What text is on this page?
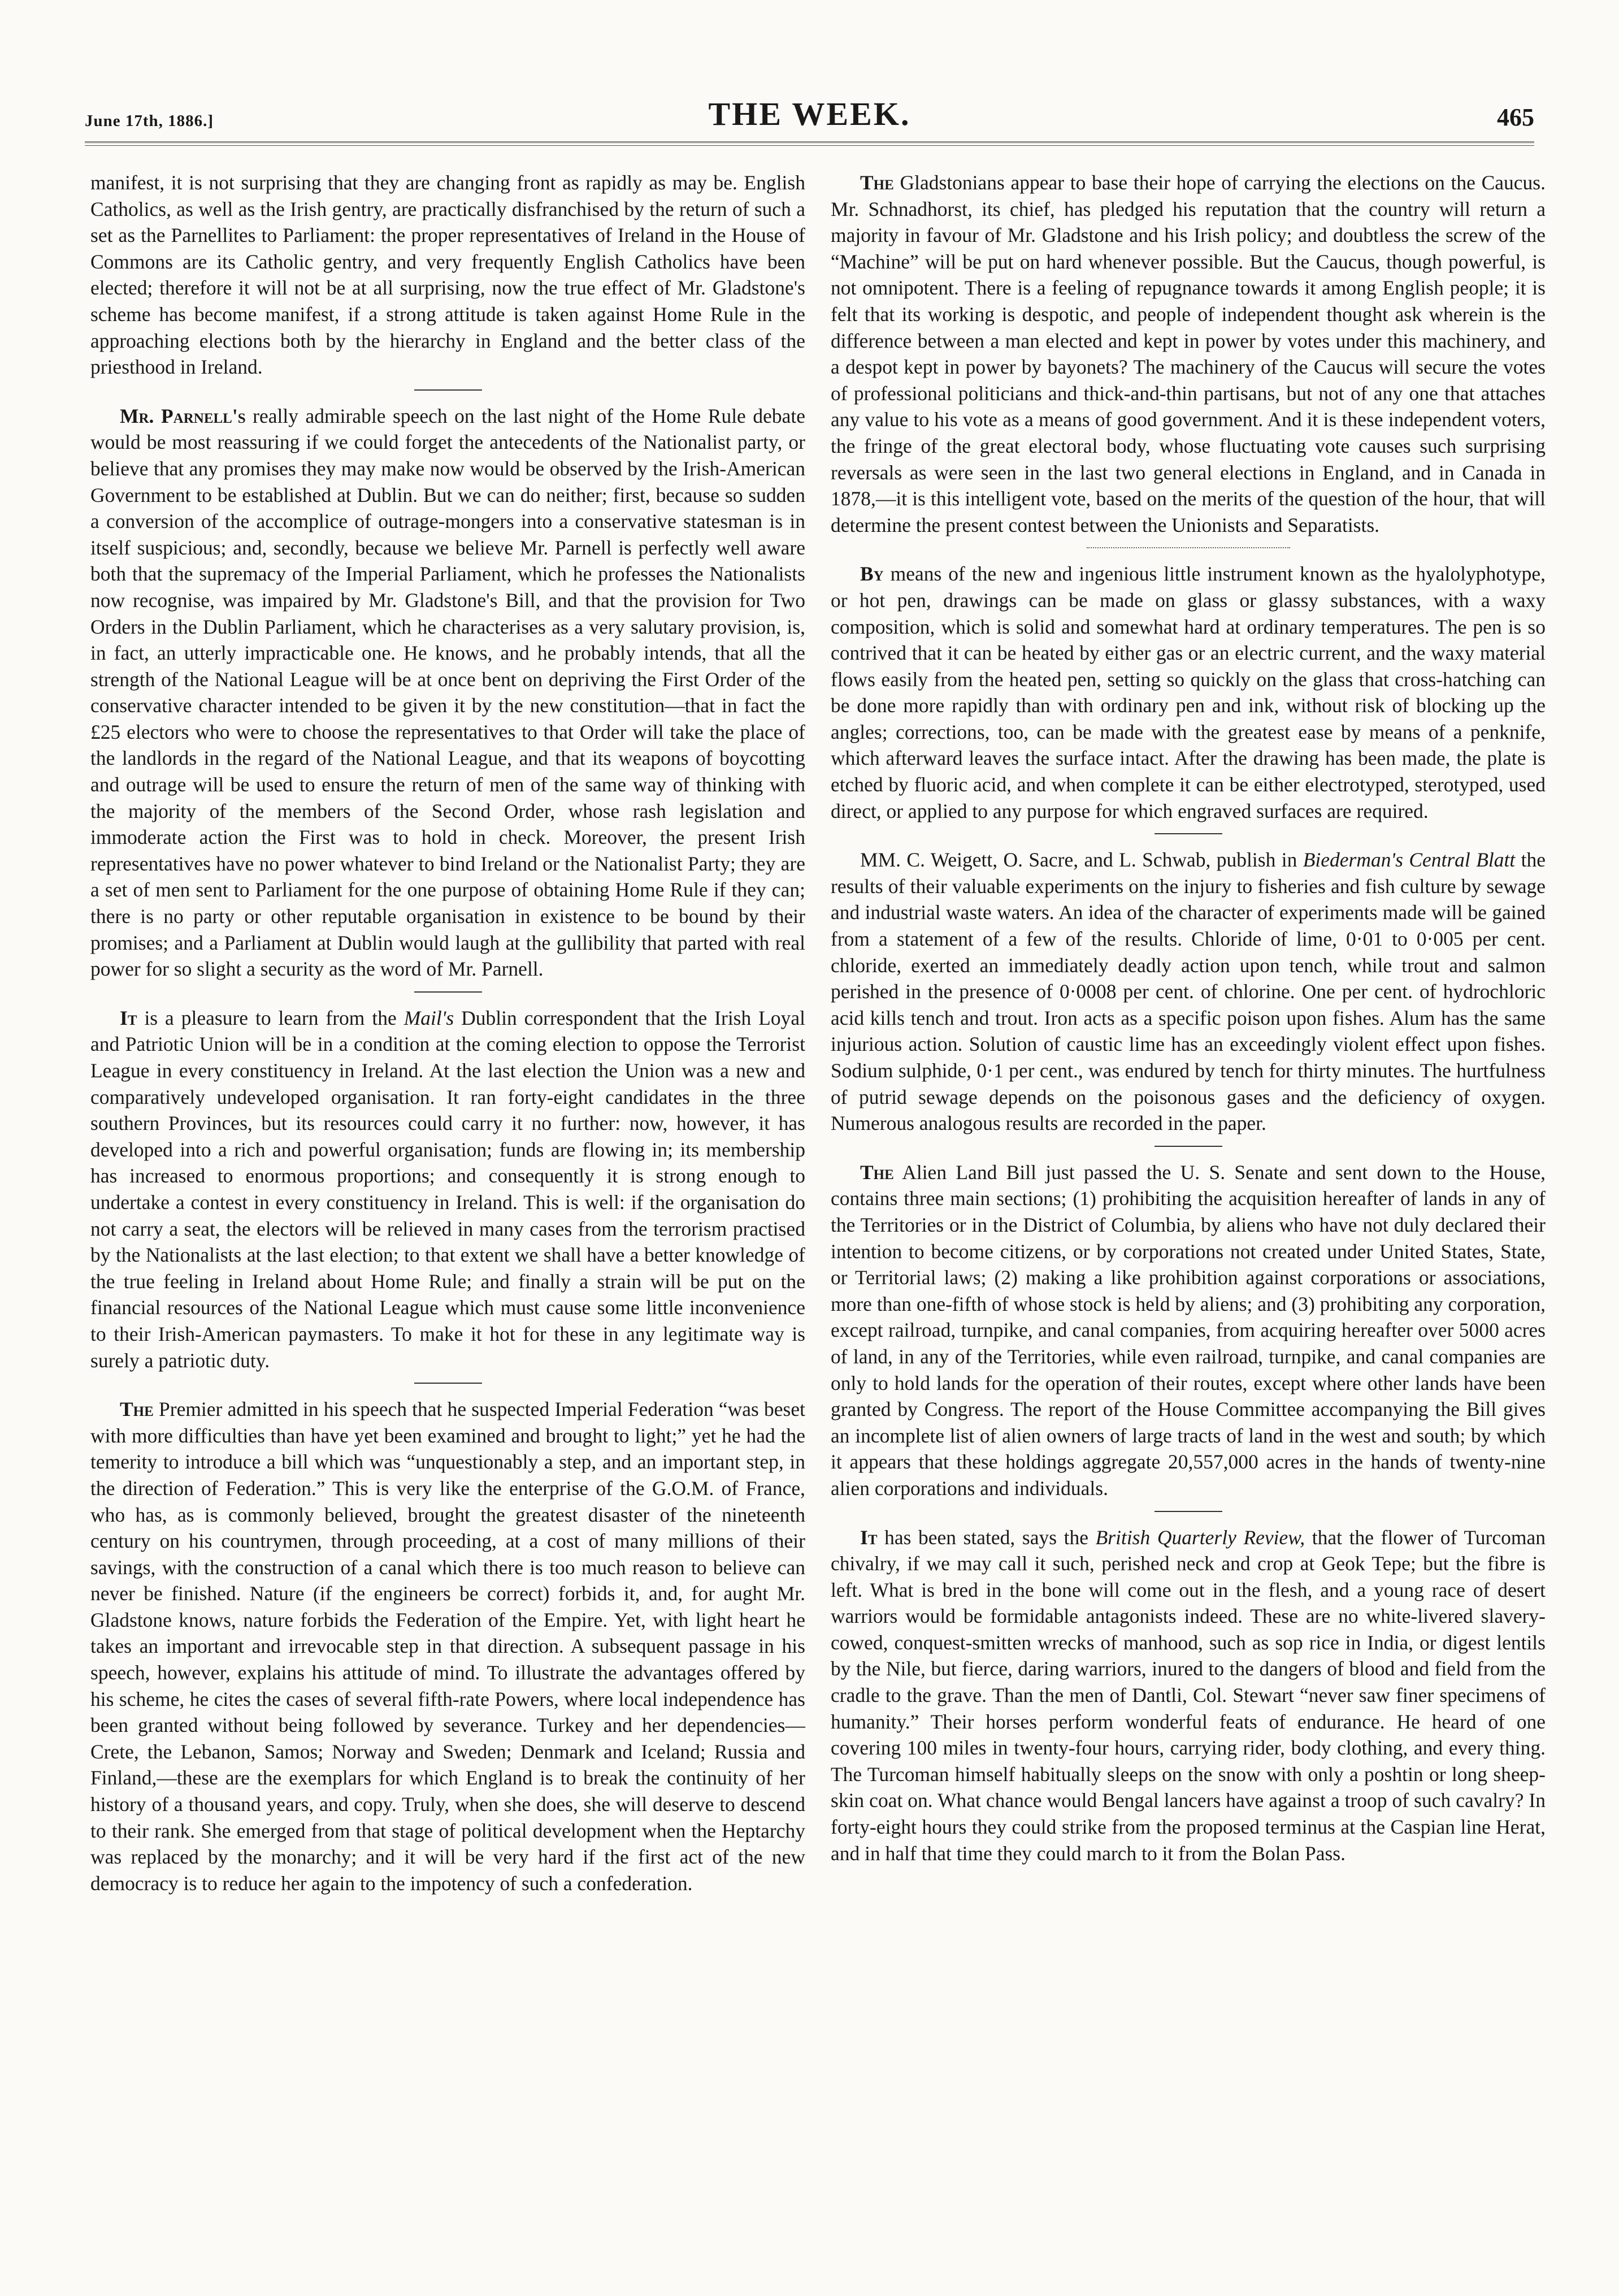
June 17th, 1886.]	THE WEEK.	465

manifest, it is not surprising that they are changing front as rapidly as may be. English Catholics, as well as the Irish gentry, are practically disfranchised by the return of such a set as the Parnellites to Parliament: the proper representatives of Ireland in the House of Commons are its Catholic gentry, and very frequently English Catholics have been elected; therefore it will not be at all surprising, now the true effect of Mr. Gladstone's scheme has become manifest, if a strong attitude is taken against Home Rule in the approaching elections both by the hierarchy in England and the better class of the priesthood in Ireland.

Mr. Parnell's really admirable speech on the last night of the Home Rule debate would be most reassuring if we could forget the antecedents of the Nationalist party, or believe that any promises they may make now would be observed by the Irish-American Government to be established at Dublin. But we can do neither; first, because so sudden a conversion of the accomplice of outrage-mongers into a conservative statesman is in itself suspicious; and, secondly, because we believe Mr. Parnell is perfectly well aware both that the supremacy of the Imperial Parliament, which he professes the Nationalists now recognise, was impaired by Mr. Gladstone's Bill, and that the provision for Two Orders in the Dublin Parliament, which he characterises as a very salutary provision, is, in fact, an utterly impracticable one. He knows, and he probably intends, that all the strength of the National League will be at once bent on depriving the First Order of the conservative character intended to be given it by the new constitution—that in fact the £25 electors who were to choose the representatives to that Order will take the place of the landlords in the regard of the National League, and that its weapons of boycotting and outrage will be used to ensure the return of men of the same way of thinking with the majority of the members of the Second Order, whose rash legislation and immoderate action the First was to hold in check. Moreover, the present Irish representatives have no power whatever to bind Ireland or the Nationalist Party; they are a set of men sent to Parliament for the one purpose of obtaining Home Rule if they can; there is no party or other reputable organisation in existence to be bound by their promises; and a Parliament at Dublin would laugh at the gullibility that parted with real power for so slight a security as the word of Mr. Parnell.

It is a pleasure to learn from the Mail's Dublin correspondent that the Irish Loyal and Patriotic Union will be in a condition at the coming election to oppose the Terrorist League in every constituency in Ireland. At the last election the Union was a new and comparatively undeveloped organisation. It ran forty-eight candidates in the three southern Provinces, but its resources could carry it no further: now, however, it has developed into a rich and powerful organisation; funds are flowing in; its membership has increased to enormous proportions; and consequently it is strong enough to undertake a contest in every constituency in Ireland. This is well: if the organisation do not carry a seat, the electors will be relieved in many cases from the terrorism practised by the Nationalists at the last election; to that extent we shall have a better knowledge of the true feeling in Ireland about Home Rule; and finally a strain will be put on the financial resources of the National League which must cause some little inconvenience to their Irish-American paymasters. To make it hot for these in any legitimate way is surely a patriotic duty.

The Premier admitted in his speech that he suspected Imperial Federation “was beset with more difficulties than have yet been examined and brought to light;” yet he had the temerity to introduce a bill which was “unquestionably a step, and an important step, in the direction of Federation.” This is very like the enterprise of the G.O.M. of France, who has, as is commonly believed, brought the greatest disaster of the nineteenth century on his countrymen, through proceeding, at a cost of many millions of their savings, with the construction of a canal which there is too much reason to believe can never be finished. Nature (if the engineers be correct) forbids it, and, for aught Mr. Gladstone knows, nature forbids the Federation of the Empire. Yet, with light heart he takes an important and irrevocable step in that direction. A subsequent passage in his speech, however, explains his attitude of mind. To illustrate the advantages offered by his scheme, he cites the cases of several fifth-rate Powers, where local independence has been granted without being followed by severance. Turkey and her dependencies—Crete, the Lebanon, Samos; Norway and Sweden; Denmark and Iceland; Russia and Finland,—these are the exemplars for which England is to break the continuity of her history of a thousand years, and copy. Truly, when she does, she will deserve to descend to their rank. She emerged from that stage of political development when the Heptarchy was replaced by the monarchy; and it will be very hard if the first act of the new democracy is to reduce her again to the impotency of such a confederation.

The Gladstonians appear to base their hope of carrying the elections on the Caucus. Mr. Schnadhorst, its chief, has pledged his reputation that the country will return a majority in favour of Mr. Gladstone and his Irish policy; and doubtless the screw of the “Machine” will be put on hard whenever possible. But the Caucus, though powerful, is not omnipotent. There is a feeling of repugnance towards it among English people; it is felt that its working is despotic, and people of independent thought ask wherein is the difference between a man elected and kept in power by votes under this machinery, and a despot kept in power by bayonets? The machinery of the Caucus will secure the votes of professional politicians and thick-and-thin partisans, but not of any one that attaches any value to his vote as a means of good government. And it is these independent voters, the fringe of the great electoral body, whose fluctuating vote causes such surprising reversals as were seen in the last two general elections in England, and in Canada in 1878,—it is this intelligent vote, based on the merits of the question of the hour, that will determine the present contest between the Unionists and Separatists.

By means of the new and ingenious little instrument known as the hyalolyphotype, or hot pen, drawings can be made on glass or glassy substances, with a waxy composition, which is solid and somewhat hard at ordinary temperatures. The pen is so contrived that it can be heated by either gas or an electric current, and the waxy material flows easily from the heated pen, setting so quickly on the glass that cross-hatching can be done more rapidly than with ordinary pen and ink, without risk of blocking up the angles; corrections, too, can be made with the greatest ease by means of a penknife, which afterward leaves the surface intact. After the drawing has been made, the plate is etched by fluoric acid, and when complete it can be either electrotyped, sterotyped, used direct, or applied to any purpose for which engraved surfaces are required.

MM. C. Weigett, O. Sacre, and L. Schwab, publish in Biederman's Central Blatt the results of their valuable experiments on the injury to fisheries and fish culture by sewage and industrial waste waters. An idea of the character of experiments made will be gained from a statement of a few of the results. Chloride of lime, 0·01 to 0·005 per cent. chloride, exerted an immediately deadly action upon tench, while trout and salmon perished in the presence of 0·0008 per cent. of chlorine. One per cent. of hydrochloric acid kills tench and trout. Iron acts as a specific poison upon fishes. Alum has the same injurious action. Solution of caustic lime has an exceedingly violent effect upon fishes. Sodium sulphide, 0·1 per cent., was endured by tench for thirty minutes. The hurtfulness of putrid sewage depends on the poisonous gases and the deficiency of oxygen. Numerous analogous results are recorded in the paper.

The Alien Land Bill just passed the U. S. Senate and sent down to the House, contains three main sections; (1) prohibiting the acquisition hereafter of lands in any of the Territories or in the District of Columbia, by aliens who have not duly declared their intention to become citizens, or by corporations not created under United States, State, or Territorial laws; (2) making a like prohibition against corporations or associations, more than one-fifth of whose stock is held by aliens; and (3) prohibiting any corporation, except railroad, turnpike, and canal companies, from acquiring hereafter over 5000 acres of land, in any of the Territories, while even railroad, turnpike, and canal companies are only to hold lands for the operation of their routes, except where other lands have been granted by Congress. The report of the House Committee accompanying the Bill gives an incomplete list of alien owners of large tracts of land in the west and south; by which it appears that these holdings aggregate 20,557,000 acres in the hands of twenty-nine alien corporations and individuals.

It has been stated, says the British Quarterly Review, that the flower of Turcoman chivalry, if we may call it such, perished neck and crop at Geok Tepe; but the fibre is left. What is bred in the bone will come out in the flesh, and a young race of desert warriors would be formidable antagonists indeed. These are no white-livered slavery-cowed, conquest-smitten wrecks of manhood, such as sop rice in India, or digest lentils by the Nile, but fierce, daring warriors, inured to the dangers of blood and field from the cradle to the grave. Than the men of Dantli, Col. Stewart “never saw finer specimens of humanity.” Their horses perform wonderful feats of endurance. He heard of one covering 100 miles in twenty-four hours, carrying rider, body clothing, and every thing. The Turcoman himself habitually sleeps on the snow with only a poshtin or long sheep-skin coat on. What chance would Bengal lancers have against a troop of such cavalry? In forty-eight hours they could strike from the proposed terminus at the Caspian line Herat, and in half that time they could march to it from the Bolan Pass.
